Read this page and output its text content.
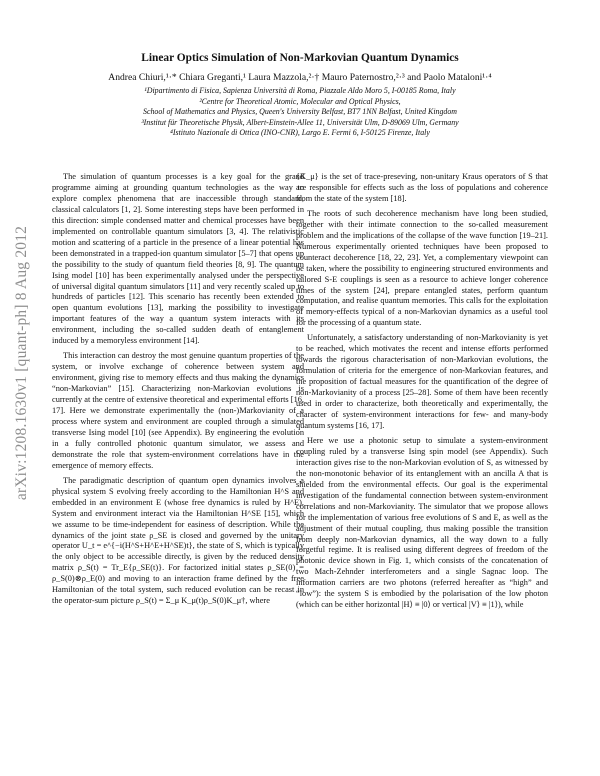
arXiv:1208.1630v1 [quant-ph] 8 Aug 2012
Linear Optics Simulation of Non-Markovian Quantum Dynamics
Andrea Chiuri,¹·* Chiara Greganti,¹ Laura Mazzola,²·† Mauro Paternostro,²·³ and Paolo Mataloni¹·⁴
¹Dipartimento di Fisica, Sapienza Università di Roma, Piazzale Aldo Moro 5, I-00185 Roma, Italy
²Centre for Theoretical Atomic, Molecular and Optical Physics,
School of Mathematics and Physics, Queen's University Belfast, BT7 1NN Belfast, United Kingdom
³Institut für Theoretische Physik, Albert-Einstein-Allee 11, Universität Ulm, D-89069 Ulm, Germany
⁴Istituto Nazionale di Ottica (INO-CNR), Largo E. Fermi 6, I-50125 Firenze, Italy

The simulation of quantum processes is a key goal for the grand programme aiming at grounding quantum technologies as the way to explore complex phenomena that are inaccessible through standard, classical calculators [1, 2]. Some interesting steps have been performed in this direction: simple condensed matter and chemical processes have been implemented on controllable quantum simulators [3, 4]. The relativistic motion and scattering of a particle in the presence of a linear potential has been demonstrated in a trapped-ion quantum simulator [5–7] that opens up the possibility to the study of quantum field theories [8, 9]. The quantum Ising model [10] has been experimentally analysed under the perspective of universal digital quantum simulators [11] and very recently scaled up to hundreds of particles [12]. This scenario has recently been extended to open quantum evolutions [13], marking the possibility to investigate important features of the way a quantum system interacts with its environment, including the so-called sudden death of entanglement induced by a memoryless environment [14].

This interaction can destroy the most genuine quantum properties of the system, or involve exchange of coherence between system and environment, giving rise to memory effects and thus making the dynamics “non-Markovian” [15]. Characterizing non-Markovian evolutions is currently at the centre of extensive theoretical and experimental efforts [16, 17]. Here we demonstrate experimentally the (non-)Markovianity of a process where system and environment are coupled through a simulated transverse Ising model [10] (see Appendix). By engineering the evolution in a fully controlled photonic quantum simulator, we assess and demonstrate the role that system-environment correlations have in the emergence of memory effects.

The paradigmatic description of quantum open dynamics involves a physical system S evolving freely according to the Hamiltonian H^S and embedded in an environment E (whose free dynamics is ruled by H^E). System and environment interact via the Hamiltonian H^SE [15], which we assume to be time-independent for easiness of description. While the dynamics of the joint state ρ_SE is closed and governed by the unitary operator U_t = e^{−i(H^S+H^E+H^SE)t}, the state of S, which is typically the only object to be accessible directly, is given by the reduced density matrix ρ_S(t) = Tr_E{ρ_SE(t)}. For factorized initial states ρ_SE(0) = ρ_S(0)⊗ρ_E(0) and moving to an interaction frame defined by the free Hamiltonian of the total system, such reduced evolution can be recast in the operator-sum picture ρ_S(t) = Σ_μ K_μ(t)ρ_S(0)K_μ†, where

{K_μ} is the set of trace-preseving, non-unitary Kraus operators of S that are responsible for effects such as the loss of populations and coherence from the state of the system [18].

The roots of such decoherence mechanism have long been studied, together with their intimate connection to the so-called measurement problem and the implications of the collapse of the wave function [19–21]. Numerous experimentally oriented techniques have been proposed to counteract decoherence [18, 22, 23]. Yet, a complementary viewpoint can be taken, where the possibility to engineering structured environments and tailored S-E couplings is seen as a resource to achieve longer coherence times of the system [24], prepare entangled states, perform quantum computation, and realise quantum memories. This calls for the exploitation of memory-effects typical of a non-Markovian dynamics as a useful tool for the processing of a quantum state.

Unfortunately, a satisfactory understanding of non-Markovianity is yet to be reached, which motivates the recent and intense efforts performed towards the rigorous characterisation of non-Markovian evolutions, the formulation of criteria for the emergence of non-Markovian features, and the proposition of factual measures for the quantification of the degree of non-Markovianity of a process [25–28]. Some of them have been recently used in order to characterize, both theoretically and experimentally, the character of system-environment interactions for few- and many-body quantum systems [16, 17].

Here we use a photonic setup to simulate a system-environment coupling ruled by a transverse Ising spin model (see Appendix). Such interaction gives rise to the non-Markovian evolution of S, as witnessed by the non-monotonic behavior of its entanglement with an ancilla A that is shielded from the environmental effects. Our goal is the experimental investigation of the fundamental connection between system-environment correlations and non-Markovianity. The simulator that we propose allows for the implementation of various free evolutions of S and E, as well as the adjustment of their mutual coupling, thus making possible the transition from deeply non-Markovian dynamics, all the way down to a fully forgetful regime. It is realised using different degrees of freedom of the photonic device shown in Fig. 1, which consists of the concatenation of two Mach-Zehnder interferometers and a single Sagnac loop. The information carriers are two photons (referred hereafter as “high” and “low”): the system S is embodied by the polarisation of the low photon (which can be either horizontal |H⟩ ≡ |0⟩ or vertical |V⟩ ≡ |1⟩), while
